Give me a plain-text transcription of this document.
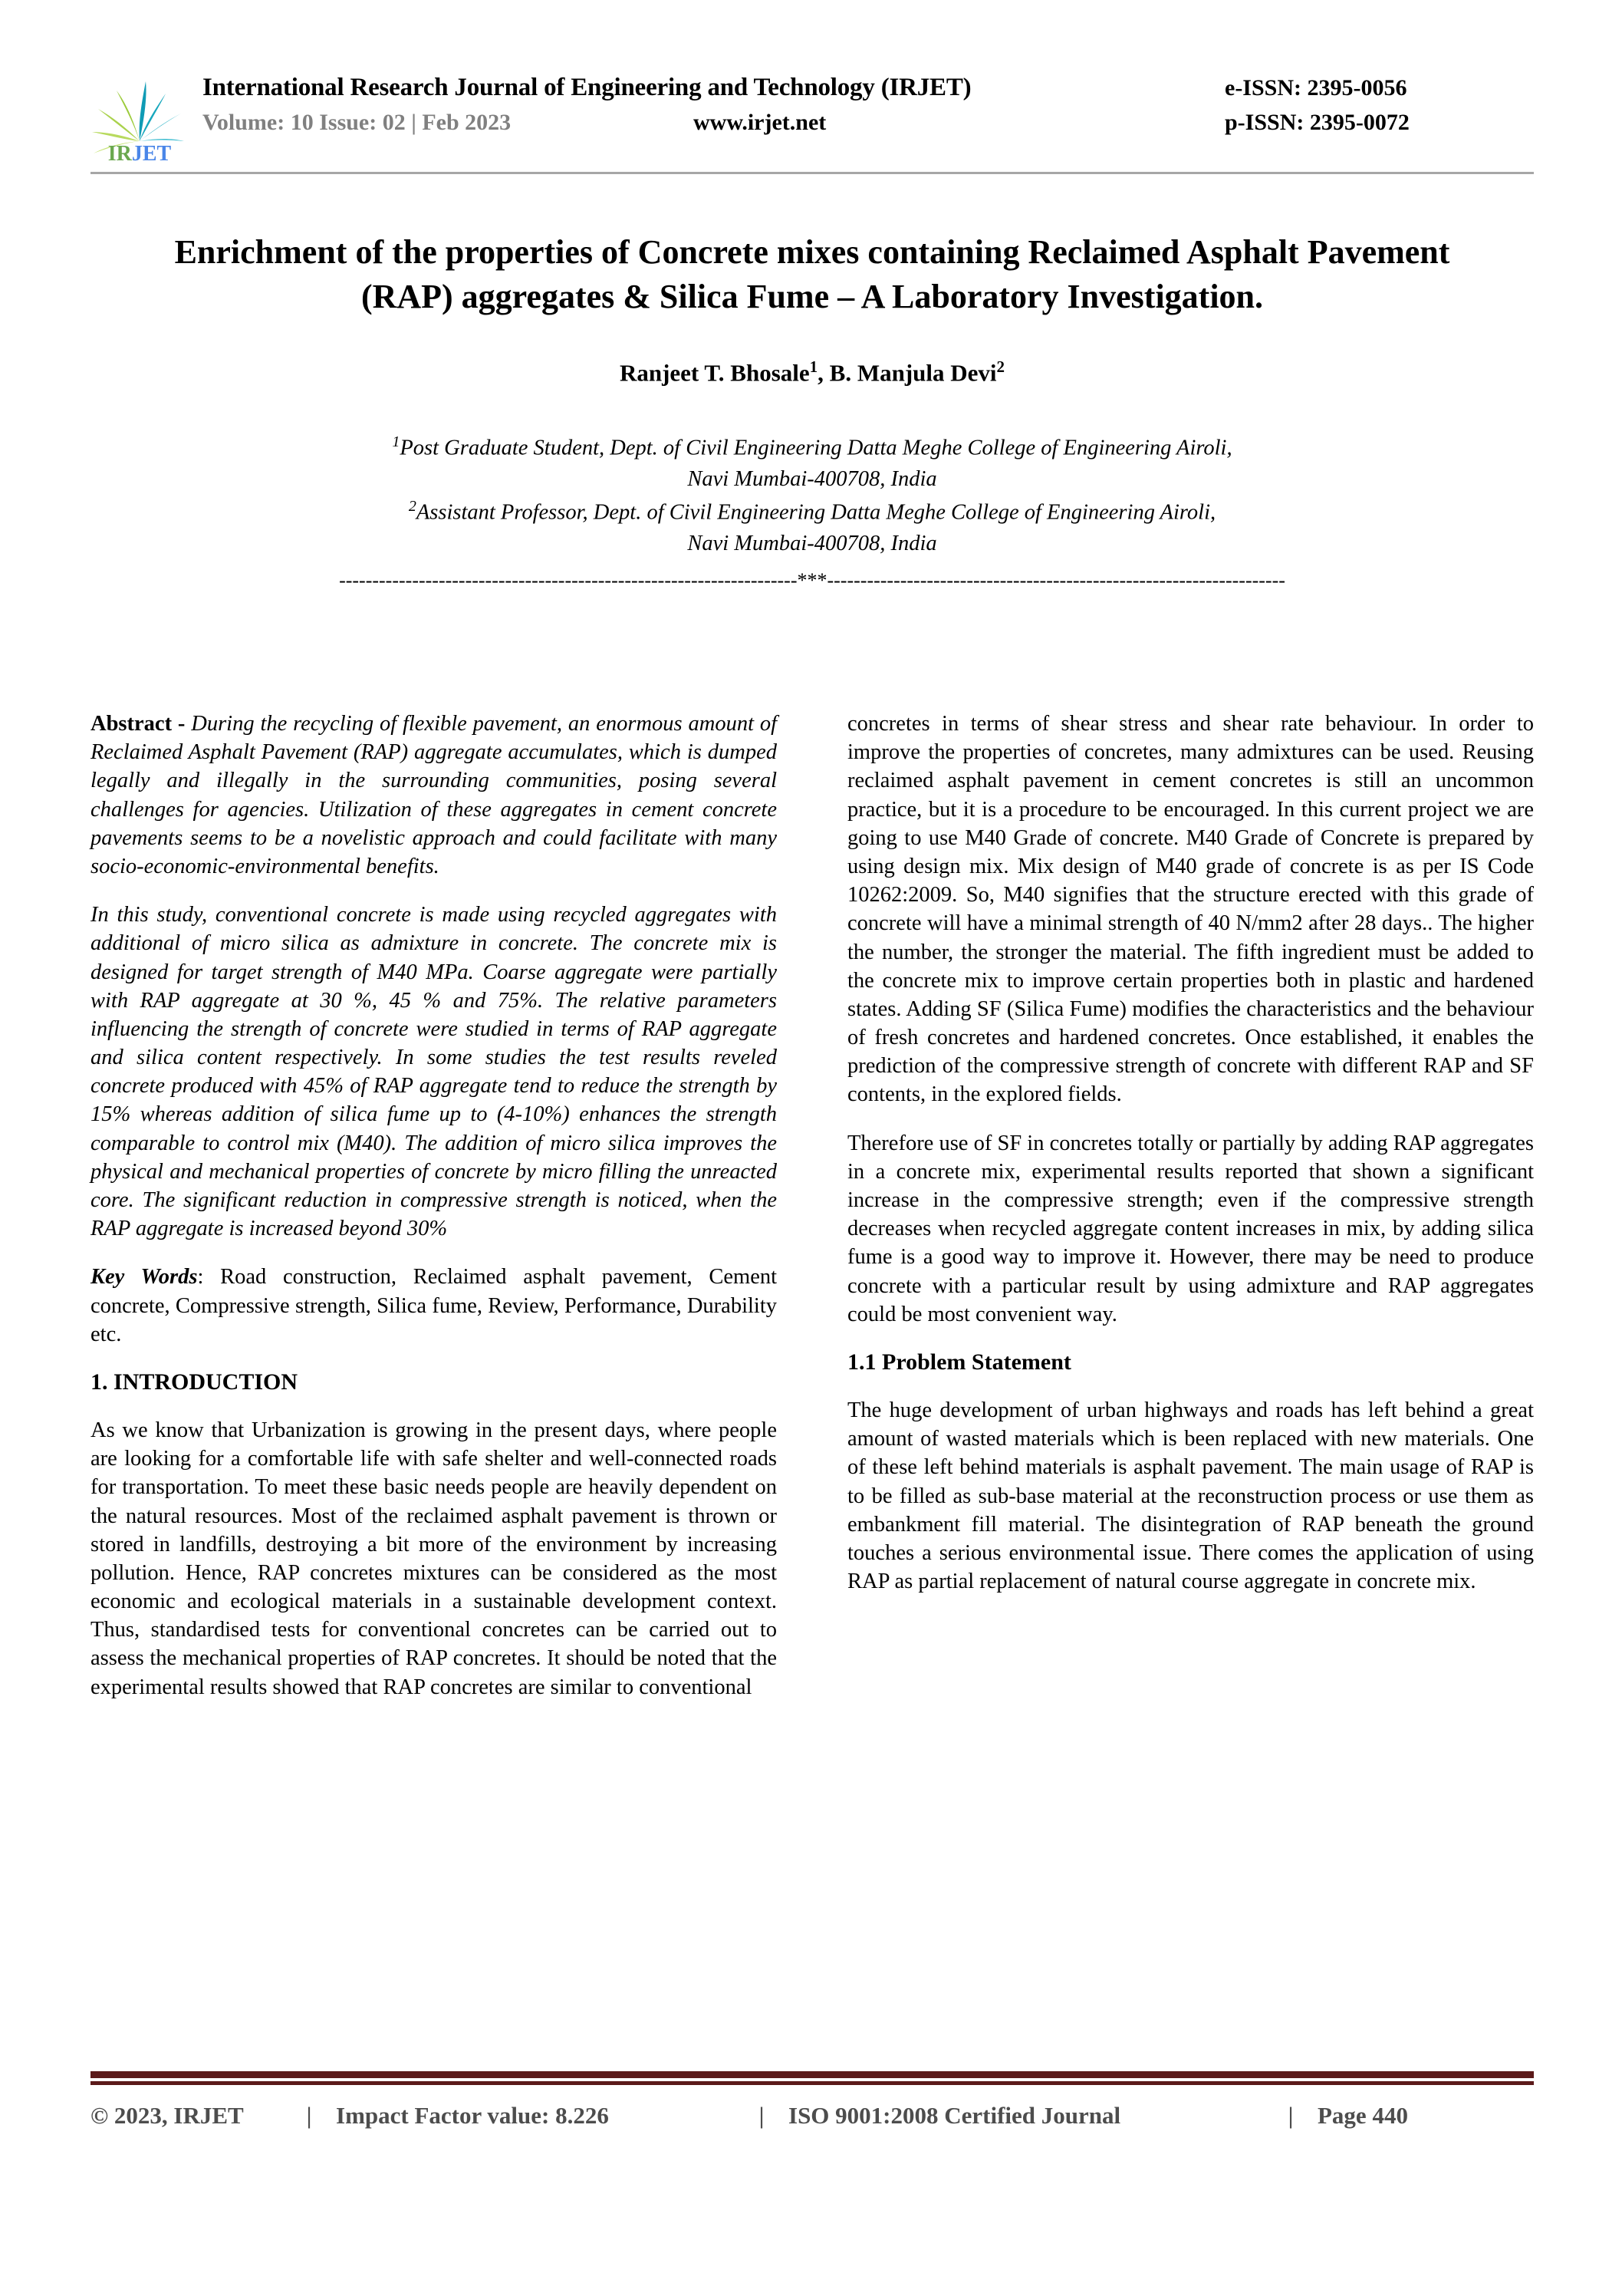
IRJET
International Research Journal of Engineering and Technology (IRJET)	e-ISSN: 2395-0056
Volume: 10 Issue: 02 | Feb 2023	www.irjet.net	p-ISSN: 2395-0072
Enrichment of the properties of Concrete mixes containing Reclaimed Asphalt Pavement (RAP) aggregates & Silica Fume – A Laboratory Investigation.
Ranjeet T. Bhosale$^1$, B. Manjula Devi$^2$
$^1$Post Graduate Student, Dept. of Civil Engineering Datta Meghe College of Engineering Airoli,
Navi Mumbai-400708, India
$^2$Assistant Professor, Dept. of Civil Engineering Datta Meghe College of Engineering Airoli,
Navi Mumbai-400708, India
---------------------------------------------------------------------***---------------------------------------------------------------------

Abstract - During the recycling of flexible pavement, an enormous amount of Reclaimed Asphalt Pavement (RAP) aggregate accumulates, which is dumped legally and illegally in the surrounding communities, posing several challenges for agencies. Utilization of these aggregates in cement concrete pavements seems to be a novelistic approach and could facilitate with many socio-economic-environmental benefits.

In this study, conventional concrete is made using recycled aggregates with additional of micro silica as admixture in concrete. The concrete mix is designed for target strength of M40 MPa. Coarse aggregate were partially with RAP aggregate at 30 %, 45 % and 75%. The relative parameters influencing the strength of concrete were studied in terms of RAP aggregate and silica content respectively. In some studies the test results reveled concrete produced with 45% of RAP aggregate tend to reduce the strength by 15% whereas addition of silica fume up to (4-10%) enhances the strength comparable to control mix (M40). The addition of micro silica improves the physical and mechanical properties of concrete by micro filling the unreacted core. The significant reduction in compressive strength is noticed, when the RAP aggregate is increased beyond 30%

Key Words: Road construction, Reclaimed asphalt pavement, Cement concrete, Compressive strength, Silica fume, Review, Performance, Durability etc.

1. INTRODUCTION

As we know that Urbanization is growing in the present days, where people are looking for a comfortable life with safe shelter and well-connected roads for transportation. To meet these basic needs people are heavily dependent on the natural resources. Most of the reclaimed asphalt pavement is thrown or stored in landfills, destroying a bit more of the environment by increasing pollution. Hence, RAP concretes mixtures can be considered as the most economic and ecological materials in a sustainable development context. Thus, standardised tests for conventional concretes can be carried out to assess the mechanical properties of RAP concretes. It should be noted that the experimental results showed that RAP concretes are similar to conventional

concretes in terms of shear stress and shear rate behaviour. In order to improve the properties of concretes, many admixtures can be used. Reusing reclaimed asphalt pavement in cement concretes is still an uncommon practice, but it is a procedure to be encouraged. In this current project we are going to use M40 Grade of concrete. M40 Grade of Concrete is prepared by using design mix. Mix design of M40 grade of concrete is as per IS Code 10262:2009. So, M40 signifies that the structure erected with this grade of concrete will have a minimal strength of 40 N/mm2 after 28 days.. The higher the number, the stronger the material. The fifth ingredient must be added to the concrete mix to improve certain properties both in plastic and hardened states. Adding SF (Silica Fume) modifies the characteristics and the behaviour of fresh concretes and hardened concretes. Once established, it enables the prediction of the compressive strength of concrete with different RAP and SF contents, in the explored fields.

Therefore use of SF in concretes totally or partially by adding RAP aggregates in a concrete mix, experimental results reported that shown a significant increase in the compressive strength; even if the compressive strength decreases when recycled aggregate content increases in mix, by adding silica fume is a good way to improve it. However, there may be need to produce concrete with a particular result by using admixture and RAP aggregates could be most convenient way.

1.1 Problem Statement

The huge development of urban highways and roads has left behind a great amount of wasted materials which is been replaced with new materials. One of these left behind materials is asphalt pavement. The main usage of RAP is to be filled as sub-base material at the reconstruction process or use them as embankment fill material. The disintegration of RAP beneath the ground touches a serious environmental issue. There comes the application of using RAP as partial replacement of natural course aggregate in concrete mix.

© 2023, IRJET	|	Impact Factor value: 8.226	|	ISO 9001:2008 Certified Journal	|	Page 440
